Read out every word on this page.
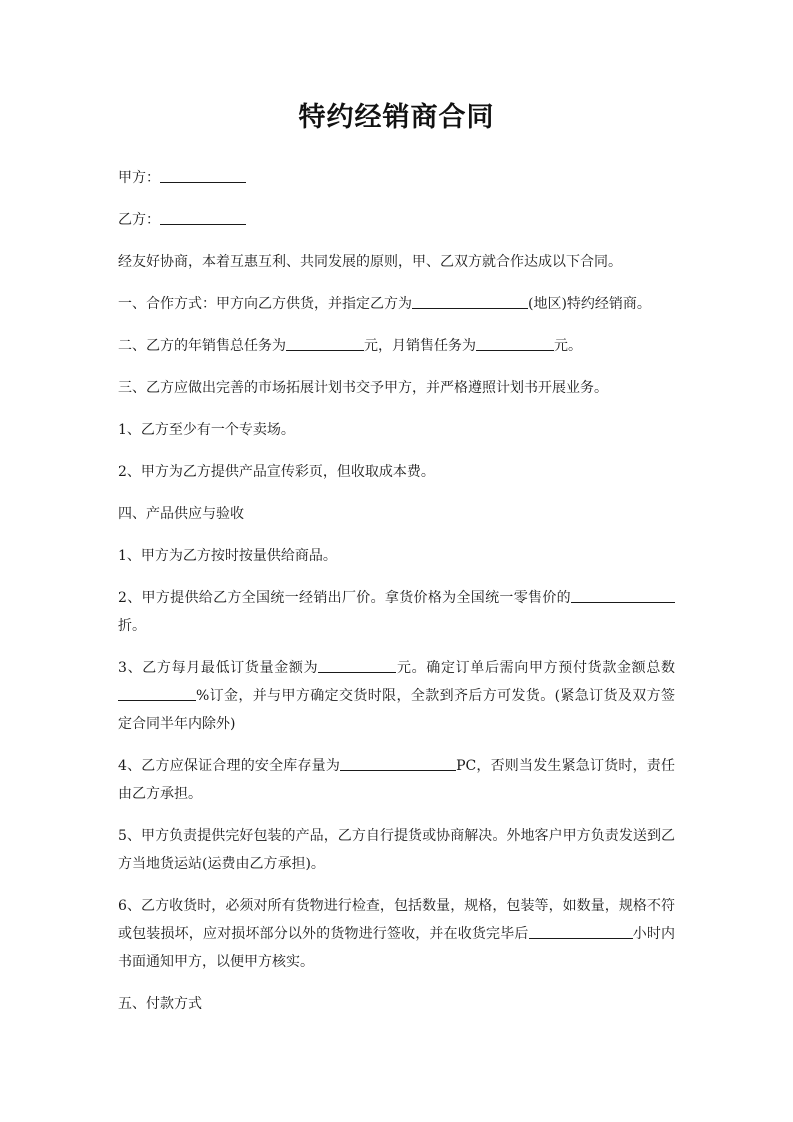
特约经销商合同

甲方：

乙方：

经友好协商，本着互惠互利、共同发展的原则，甲、乙双方就合作达成以下合同。

一、合作方式：甲方向乙方供货，并指定乙方为	(地区)特约经销商。

二、乙方的年销售总任务为	元，月销售任务为	元。

三、乙方应做出完善的市场拓展计划书交予甲方，并严格遵照计划书开展业务。

1、乙方至少有一个专卖场。

2、甲方为乙方提供产品宣传彩页，但收取成本费。

四、产品供应与验收

1、甲方为乙方按时按量供给商品。

2、甲方提供给乙方全国统一经销出厂价。拿货价格为全国统一零售价的折。

3、乙方每月最低订货量金额为	元。确定订单后需向甲方预付货款金额总数%订金，并与甲方确定交货时限，全款到齐后方可发货。(紧急订货及双方签定合同半年内除外)

4、乙方应保证合理的安全库存量为	PC，否则当发生紧急订货时，责任由乙方承担。

5、甲方负责提供完好包装的产品，乙方自行提货或协商解决。外地客户甲方负责发送到乙方当地货运站(运费由乙方承担)。

6、乙方收货时，必须对所有货物进行检查，包括数量，规格，包装等，如数量，规格不符或包装损坏，应对损坏部分以外的货物进行签收，并在收货完毕后	小时内书面通知甲方，以便甲方核实。

五、付款方式
